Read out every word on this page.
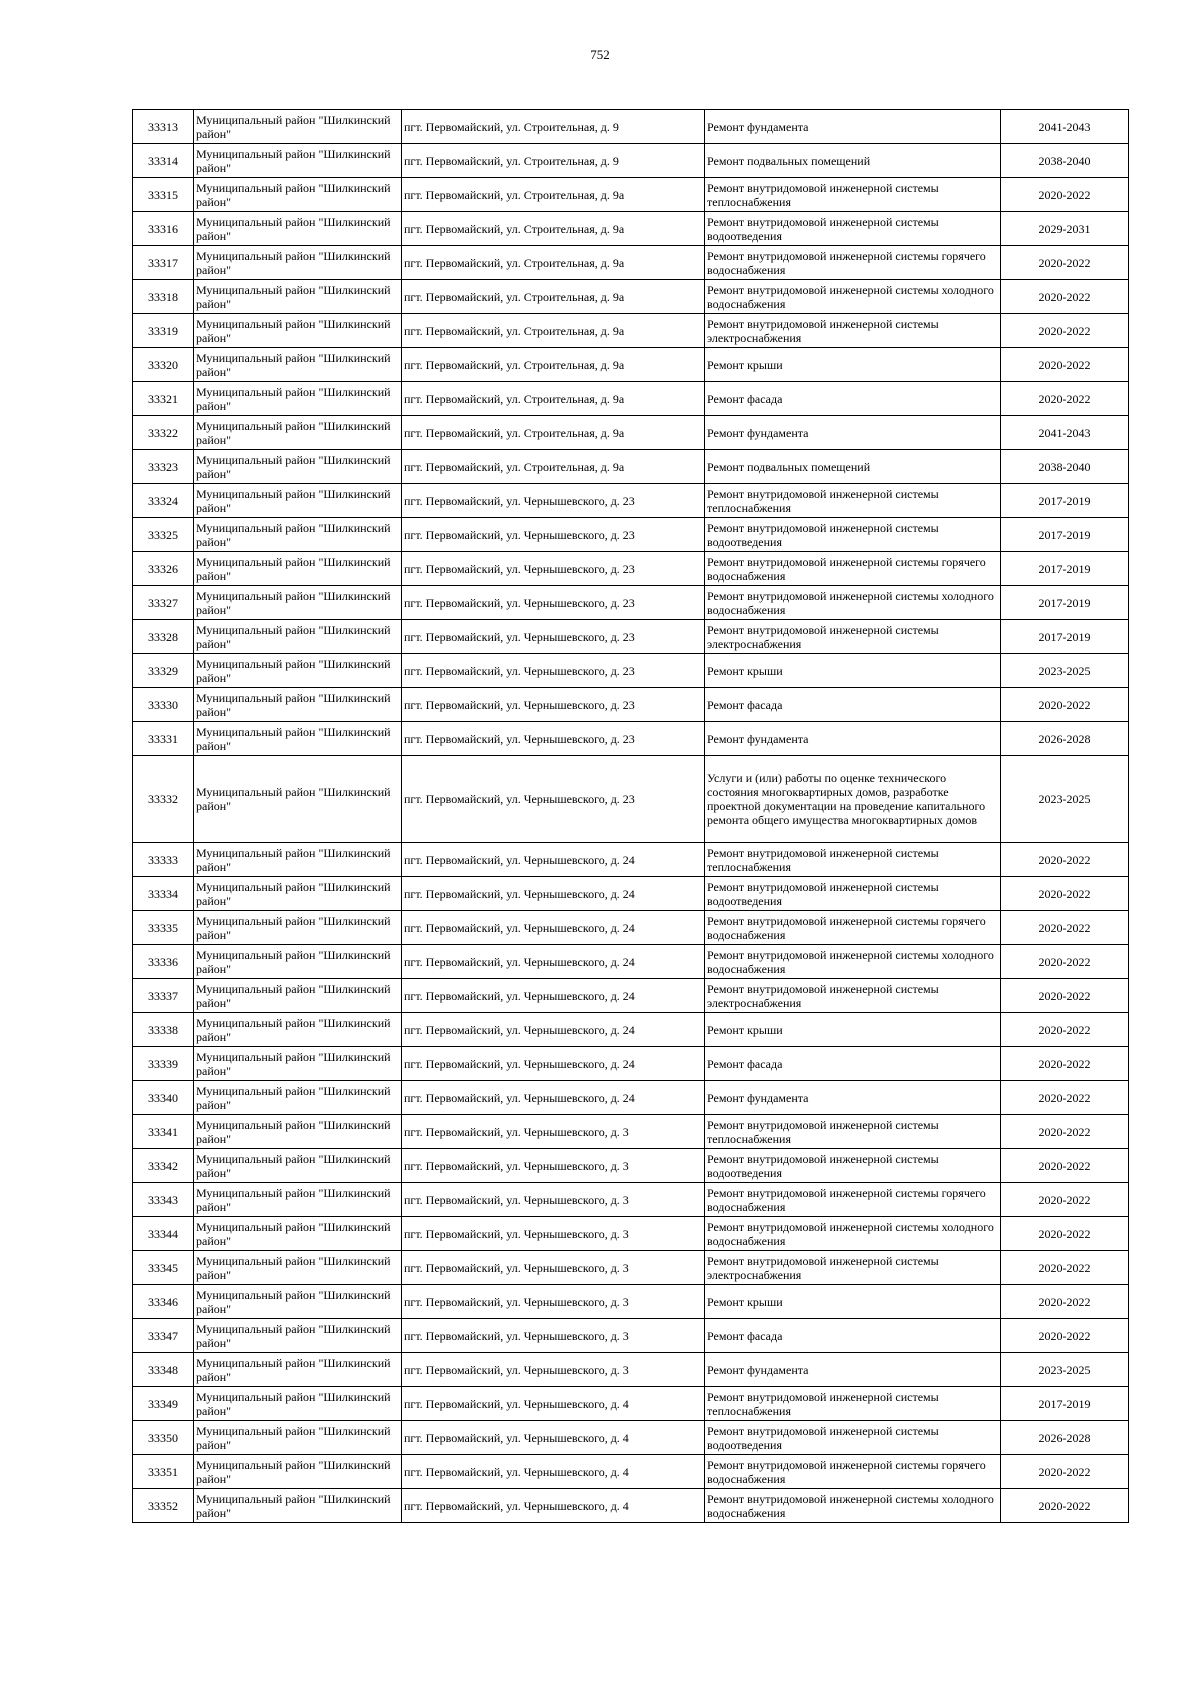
752
33313	Муниципальный район "Шилкинский район"	пгт. Первомайский, ул. Строительная, д. 9	Ремонт фундамента	2041-2043
33314	Муниципальный район "Шилкинский район"	пгт. Первомайский, ул. Строительная, д. 9	Ремонт подвальных помещений	2038-2040
33315	Муниципальный район "Шилкинский район"	пгт. Первомайский, ул. Строительная, д. 9а	Ремонт внутридомовой инженерной системы теплоснабжения	2020-2022
33316	Муниципальный район "Шилкинский район"	пгт. Первомайский, ул. Строительная, д. 9а	Ремонт внутридомовой инженерной системы водоотведения	2029-2031
33317	Муниципальный район "Шилкинский район"	пгт. Первомайский, ул. Строительная, д. 9а	Ремонт внутридомовой инженерной системы горячего водоснабжения	2020-2022
33318	Муниципальный район "Шилкинский район"	пгт. Первомайский, ул. Строительная, д. 9а	Ремонт внутридомовой инженерной системы холодного водоснабжения	2020-2022
33319	Муниципальный район "Шилкинский район"	пгт. Первомайский, ул. Строительная, д. 9а	Ремонт внутридомовой инженерной системы электроснабжения	2020-2022
33320	Муниципальный район "Шилкинский район"	пгт. Первомайский, ул. Строительная, д. 9а	Ремонт крыши	2020-2022
33321	Муниципальный район "Шилкинский район"	пгт. Первомайский, ул. Строительная, д. 9а	Ремонт фасада	2020-2022
33322	Муниципальный район "Шилкинский район"	пгт. Первомайский, ул. Строительная, д. 9а	Ремонт фундамента	2041-2043
33323	Муниципальный район "Шилкинский район"	пгт. Первомайский, ул. Строительная, д. 9а	Ремонт подвальных помещений	2038-2040
33324	Муниципальный район "Шилкинский район"	пгт. Первомайский, ул. Чернышевского, д. 23	Ремонт внутридомовой инженерной системы теплоснабжения	2017-2019
33325	Муниципальный район "Шилкинский район"	пгт. Первомайский, ул. Чернышевского, д. 23	Ремонт внутридомовой инженерной системы водоотведения	2017-2019
33326	Муниципальный район "Шилкинский район"	пгт. Первомайский, ул. Чернышевского, д. 23	Ремонт внутридомовой инженерной системы горячего водоснабжения	2017-2019
33327	Муниципальный район "Шилкинский район"	пгт. Первомайский, ул. Чернышевского, д. 23	Ремонт внутридомовой инженерной системы холодного водоснабжения	2017-2019
33328	Муниципальный район "Шилкинский район"	пгт. Первомайский, ул. Чернышевского, д. 23	Ремонт внутридомовой инженерной системы электроснабжения	2017-2019
33329	Муниципальный район "Шилкинский район"	пгт. Первомайский, ул. Чернышевского, д. 23	Ремонт крыши	2023-2025
33330	Муниципальный район "Шилкинский район"	пгт. Первомайский, ул. Чернышевского, д. 23	Ремонт фасада	2020-2022
33331	Муниципальный район "Шилкинский район"	пгт. Первомайский, ул. Чернышевского, д. 23	Ремонт фундамента	2026-2028
33332	Муниципальный район "Шилкинский район"	пгт. Первомайский, ул. Чернышевского, д. 23	Услуги и (или) работы по оценке технического состояния многоквартирных домов, разработке проектной документации на проведение капитального ремонта общего имущества многоквартирных домов	2023-2025
33333	Муниципальный район "Шилкинский район"	пгт. Первомайский, ул. Чернышевского, д. 24	Ремонт внутридомовой инженерной системы теплоснабжения	2020-2022
33334	Муниципальный район "Шилкинский район"	пгт. Первомайский, ул. Чернышевского, д. 24	Ремонт внутридомовой инженерной системы водоотведения	2020-2022
33335	Муниципальный район "Шилкинский район"	пгт. Первомайский, ул. Чернышевского, д. 24	Ремонт внутридомовой инженерной системы горячего водоснабжения	2020-2022
33336	Муниципальный район "Шилкинский район"	пгт. Первомайский, ул. Чернышевского, д. 24	Ремонт внутридомовой инженерной системы холодного водоснабжения	2020-2022
33337	Муниципальный район "Шилкинский район"	пгт. Первомайский, ул. Чернышевского, д. 24	Ремонт внутридомовой инженерной системы электроснабжения	2020-2022
33338	Муниципальный район "Шилкинский район"	пгт. Первомайский, ул. Чернышевского, д. 24	Ремонт крыши	2020-2022
33339	Муниципальный район "Шилкинский район"	пгт. Первомайский, ул. Чернышевского, д. 24	Ремонт фасада	2020-2022
33340	Муниципальный район "Шилкинский район"	пгт. Первомайский, ул. Чернышевского, д. 24	Ремонт фундамента	2020-2022
33341	Муниципальный район "Шилкинский район"	пгт. Первомайский, ул. Чернышевского, д. 3	Ремонт внутридомовой инженерной системы теплоснабжения	2020-2022
33342	Муниципальный район "Шилкинский район"	пгт. Первомайский, ул. Чернышевского, д. 3	Ремонт внутридомовой инженерной системы водоотведения	2020-2022
33343	Муниципальный район "Шилкинский район"	пгт. Первомайский, ул. Чернышевского, д. 3	Ремонт внутридомовой инженерной системы горячего водоснабжения	2020-2022
33344	Муниципальный район "Шилкинский район"	пгт. Первомайский, ул. Чернышевского, д. 3	Ремонт внутридомовой инженерной системы холодного водоснабжения	2020-2022
33345	Муниципальный район "Шилкинский район"	пгт. Первомайский, ул. Чернышевского, д. 3	Ремонт внутридомовой инженерной системы электроснабжения	2020-2022
33346	Муниципальный район "Шилкинский район"	пгт. Первомайский, ул. Чернышевского, д. 3	Ремонт крыши	2020-2022
33347	Муниципальный район "Шилкинский район"	пгт. Первомайский, ул. Чернышевского, д. 3	Ремонт фасада	2020-2022
33348	Муниципальный район "Шилкинский район"	пгт. Первомайский, ул. Чернышевского, д. 3	Ремонт фундамента	2023-2025
33349	Муниципальный район "Шилкинский район"	пгт. Первомайский, ул. Чернышевского, д. 4	Ремонт внутридомовой инженерной системы теплоснабжения	2017-2019
33350	Муниципальный район "Шилкинский район"	пгт. Первомайский, ул. Чернышевского, д. 4	Ремонт внутридомовой инженерной системы водоотведения	2026-2028
33351	Муниципальный район "Шилкинский район"	пгт. Первомайский, ул. Чернышевского, д. 4	Ремонт внутридомовой инженерной системы горячего водоснабжения	2020-2022
33352	Муниципальный район "Шилкинский район"	пгт. Первомайский, ул. Чернышевского, д. 4	Ремонт внутридомовой инженерной системы холодного водоснабжения	2020-2022
